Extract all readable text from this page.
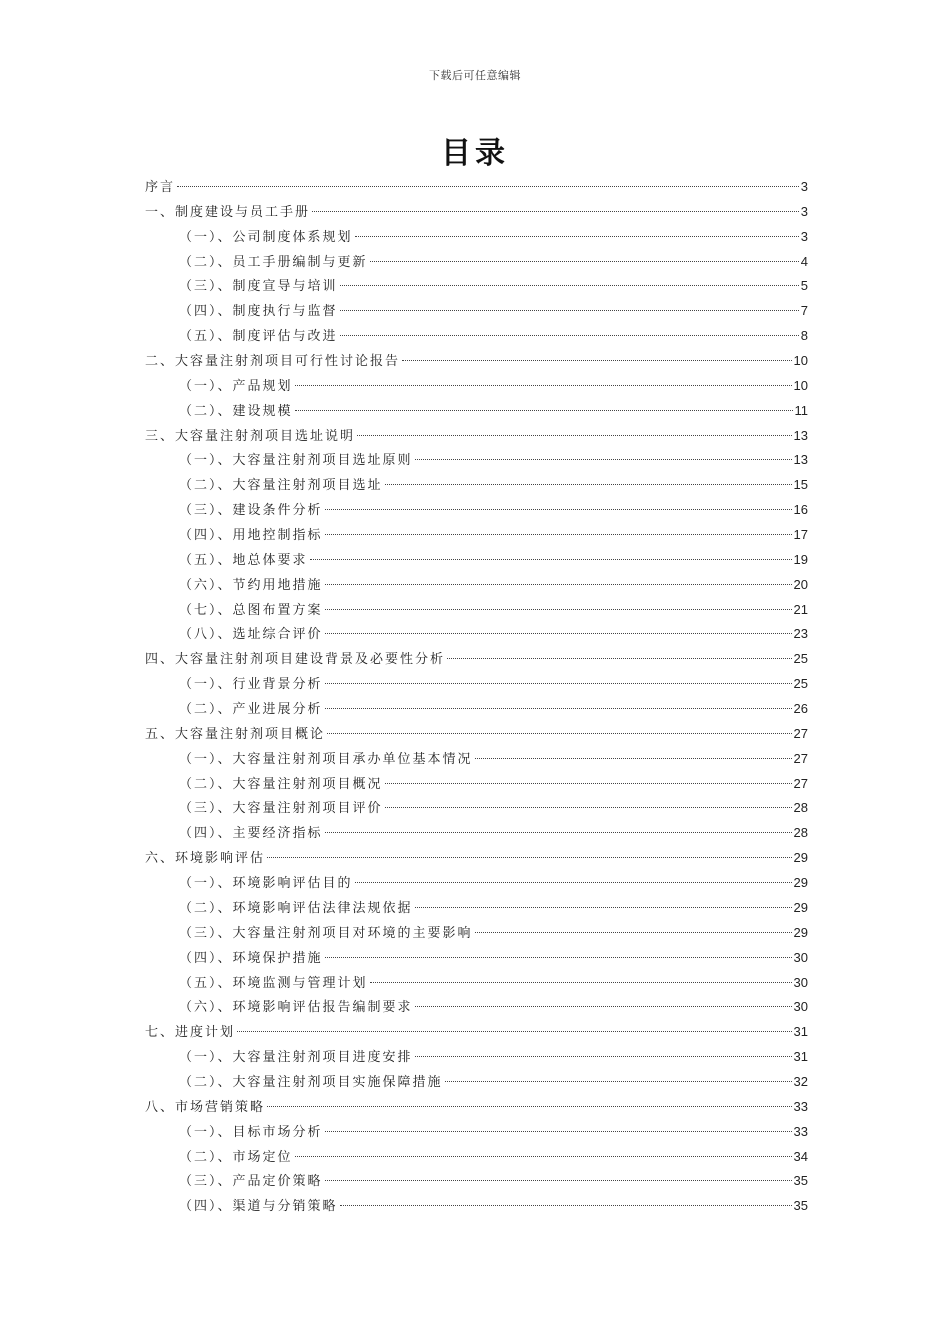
下载后可任意编辑
目录
序言	3
一、制度建设与员工手册	3
（一）、公司制度体系规划	3
（二）、员工手册编制与更新	4
（三）、制度宣导与培训	5
（四）、制度执行与监督	7
（五）、制度评估与改进	8
二、大容量注射剂项目可行性讨论报告	10
（一）、产品规划	10
（二）、建设规模	11
三、大容量注射剂项目选址说明	13
（一）、大容量注射剂项目选址原则	13
（二）、大容量注射剂项目选址	15
（三）、建设条件分析	16
（四）、用地控制指标	17
（五）、地总体要求	19
（六）、节约用地措施	20
（七）、总图布置方案	21
（八）、选址综合评价	23
四、大容量注射剂项目建设背景及必要性分析	25
（一）、行业背景分析	25
（二）、产业进展分析	26
五、大容量注射剂项目概论	27
（一）、大容量注射剂项目承办单位基本情况	27
（二）、大容量注射剂项目概况	27
（三）、大容量注射剂项目评价	28
（四）、主要经济指标	28
六、环境影响评估	29
（一）、环境影响评估目的	29
（二）、环境影响评估法律法规依据	29
（三）、大容量注射剂项目对环境的主要影响	29
（四）、环境保护措施	30
（五）、环境监测与管理计划	30
（六）、环境影响评估报告编制要求	30
七、进度计划	31
（一）、大容量注射剂项目进度安排	31
（二）、大容量注射剂项目实施保障措施	32
八、市场营销策略	33
（一）、目标市场分析	33
（二）、市场定位	34
（三）、产品定价策略	35
（四）、渠道与分销策略	35
